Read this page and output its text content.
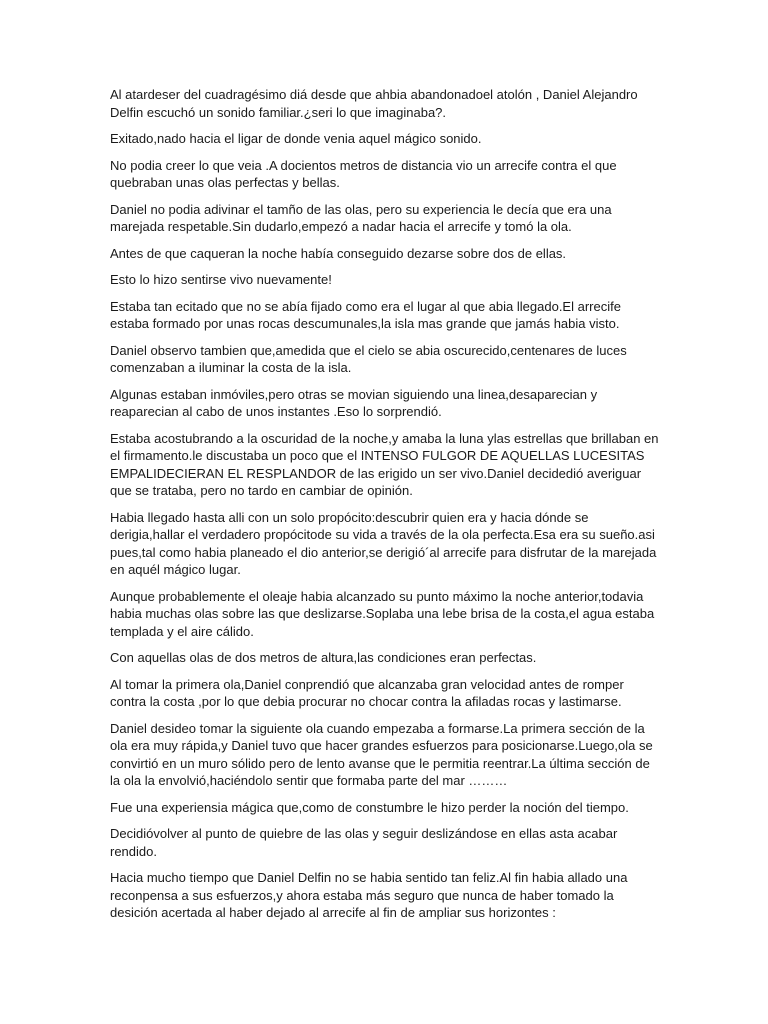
Al atardeser del cuadragésimo diá desde que ahbia abandonadoel atolón , Daniel Alejandro Delfin escuchó un sonido familiar.¿seri lo que imaginaba?.

Exitado,nado hacia el ligar de donde venia aquel mágico sonido.

No podia creer lo que veia .A docientos metros de distancia vio un arrecife contra el que quebraban unas olas perfectas y bellas.

Daniel no podia adivinar el tamño de las olas, pero su experiencia le decía que era una marejada respetable.Sin dudarlo,empezó a nadar hacia el arrecife y tomó la ola.

Antes de que caqueran la noche había conseguido dezarse sobre dos de ellas.

Esto lo hizo sentirse vivo nuevamente!

Estaba tan ecitado que no se abía fijado como era el lugar al que abia llegado.El arrecife estaba formado por unas rocas descumunales,la isla mas grande que jamás habia visto.

Daniel observo tambien que,amedida que el cielo se abia oscurecido,centenares de luces comenzaban a iluminar la costa de la isla.

Algunas estaban inmóviles,pero otras se movian siguiendo una linea,desaparecian y reaparecian al cabo de unos instantes .Eso lo sorprendió.

Estaba acostubrando a la oscuridad de la noche,y amaba la luna ylas estrellas que brillaban en el firmamento.le discustaba un poco que el INTENSO FULGOR DE AQUELLAS LUCESITAS EMPALIDECIERAN EL RESPLANDOR de las erigido un ser vivo.Daniel decidedió averiguar que se trataba, pero no tardo en cambiar de opinión.

Habia llegado hasta alli con un solo propócito:descubrir quien era y hacia dónde se derigia,hallar el verdadero propócitode su vida a través de la ola perfecta.Esa era su sueño.asi pues,tal como habia planeado el dio anterior,se derigió´al arrecife para disfrutar de la marejada en aquél mágico lugar.

Aunque probablemente el oleaje habia alcanzado su punto máximo la noche anterior,todavia habia muchas olas sobre las que deslizarse.Soplaba una lebe brisa de la costa,el agua estaba templada y el aire cálido.

Con aquellas olas de dos metros de altura,las condiciones eran perfectas.

Al tomar la primera ola,Daniel conprendió que alcanzaba gran velocidad antes de romper contra la costa ,por lo que debia procurar no chocar contra la afiladas rocas y lastimarse.

Daniel desideo tomar la siguiente ola cuando empezaba a formarse.La primera sección de la ola era muy rápida,y Daniel tuvo que hacer grandes esfuerzos para posicionarse.Luego,ola se convirtió en un muro sólido pero de lento avanse que le permitia reentrar.La última sección de la ola la envolvió,haciéndolo sentir que formaba parte del mar ………

Fue una experiensia mágica que,como de constumbre le hizo perder la noción del tiempo.

Decidióvolver al punto de quiebre de las olas y seguir deslizándose en ellas asta acabar rendido.

Hacia mucho tiempo que Daniel Delfin no se habia sentido tan feliz.Al fin habia allado una reconpensa a sus esfuerzos,y ahora estaba más seguro que nunca de haber tomado la desición acertada al haber dejado al arrecife al fin de ampliar sus horizontes :
